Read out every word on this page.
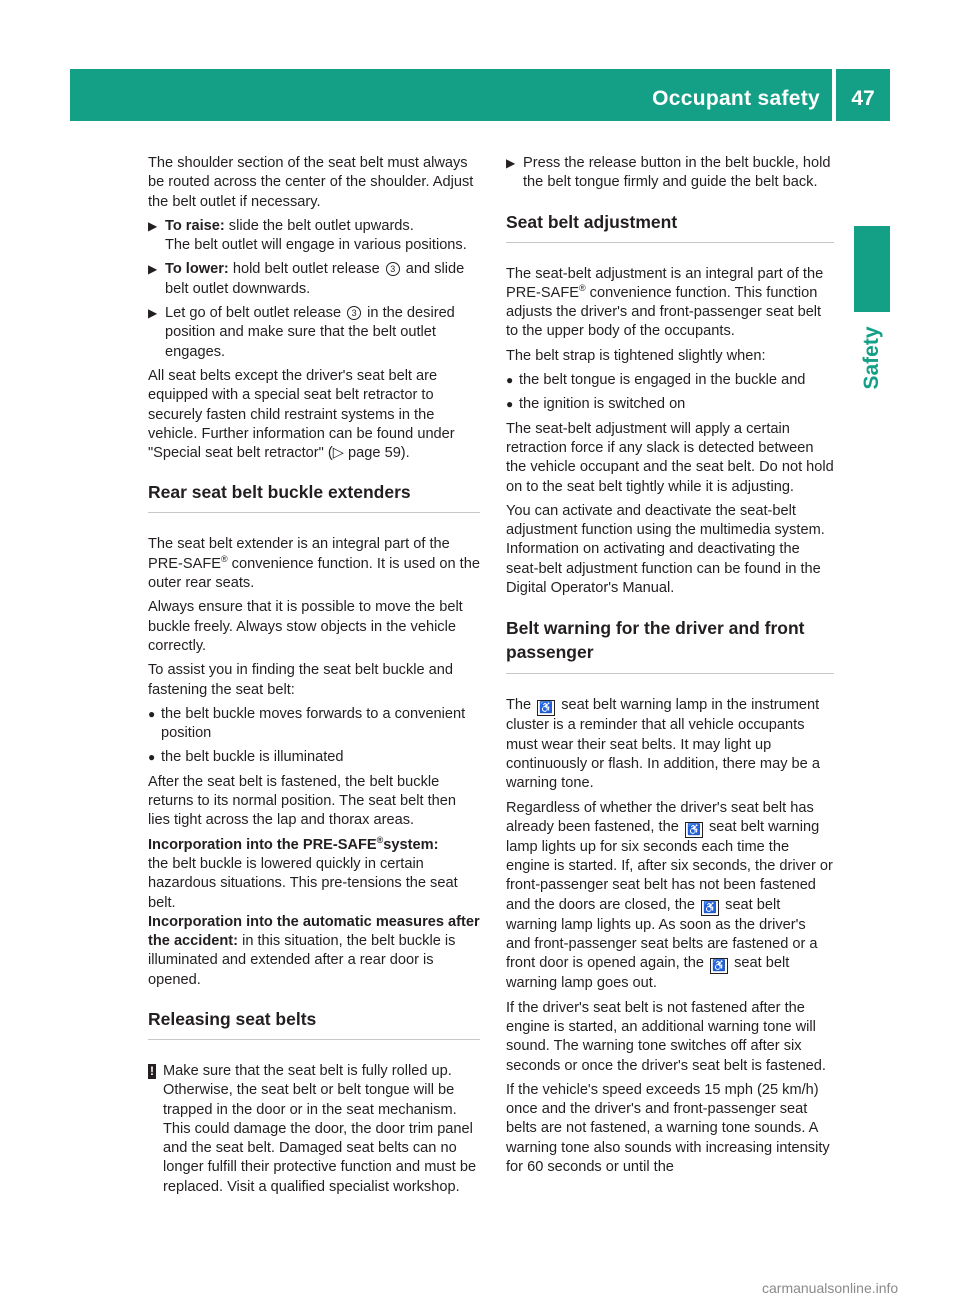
Occupant safety	47
Safety

The shoulder section of the seat belt must always be routed across the center of the shoulder. Adjust the belt outlet if necessary.

▶ To raise: slide the belt outlet upwards.
The belt outlet will engage in various positions.
▶ To lower: hold belt outlet release 3 and slide belt outlet downwards.
▶ Let go of belt outlet release 3 in the desired position and make sure that the belt outlet engages.

All seat belts except the driver's seat belt are equipped with a special seat belt retractor to securely fasten child restraint systems in the vehicle. Further information can be found under "Special seat belt retractor" (▷ page 59).

Rear seat belt buckle extenders

The seat belt extender is an integral part of the PRE-SAFE® convenience function. It is used on the outer rear seats.

Always ensure that it is possible to move the belt buckle freely. Always stow objects in the vehicle correctly.

To assist you in finding the seat belt buckle and fastening the seat belt:

● the belt buckle moves forwards to a convenient position
● the belt buckle is illuminated

After the seat belt is fastened, the belt buckle returns to its normal position. The seat belt then lies tight across the lap and thorax areas.

Incorporation into the PRE-SAFE®system:
the belt buckle is lowered quickly in certain hazardous situations. This pre-tensions the seat belt.

Incorporation into the automatic measures after the accident: in this situation, the belt buckle is illuminated and extended after a rear door is opened.

Releasing seat belts
! Make sure that the seat belt is fully rolled up. Otherwise, the seat belt or belt tongue will be trapped in the door or in the seat mechanism. This could damage the door, the door trim panel and the seat belt. Damaged seat belts can no longer fulfill their protective function and must be replaced. Visit a qualified specialist workshop.
▶ Press the release button in the belt buckle, hold the belt tongue firmly and guide the belt back.
Seat belt adjustment

The seat-belt adjustment is an integral part of the PRE-SAFE® convenience function. This function adjusts the driver's and front-passenger seat belt to the upper body of the occupants.

The belt strap is tightened slightly when:

● the belt tongue is engaged in the buckle and
● the ignition is switched on

The seat-belt adjustment will apply a certain retraction force if any slack is detected between the vehicle occupant and the seat belt. Do not hold on to the seat belt tightly while it is adjusting.

You can activate and deactivate the seat-belt adjustment function using the multimedia system. Information on activating and deactivating the seat-belt adjustment function can be found in the Digital Operator's Manual.

Belt warning for the driver and front passenger

The ♿ seat belt warning lamp in the instrument cluster is a reminder that all vehicle occupants must wear their seat belts. It may light up continuously or flash. In addition, there may be a warning tone.

Regardless of whether the driver's seat belt has already been fastened, the ♿ seat belt warning lamp lights up for six seconds each time the engine is started. If, after six seconds, the driver or front-passenger seat belt has not been fastened and the doors are closed, the ♿ seat belt warning lamp lights up. As soon as the driver's and front-passenger seat belts are fastened or a front door is opened again, the ♿ seat belt warning lamp goes out.

If the driver's seat belt is not fastened after the engine is started, an additional warning tone will sound. The warning tone switches off after six seconds or once the driver's seat belt is fastened.

If the vehicle's speed exceeds 15 mph (25 km/h) once and the driver's and front-passenger seat belts are not fastened, a warning tone sounds. A warning tone also sounds with increasing intensity for 60 seconds or until the

carmanualsonline.info
